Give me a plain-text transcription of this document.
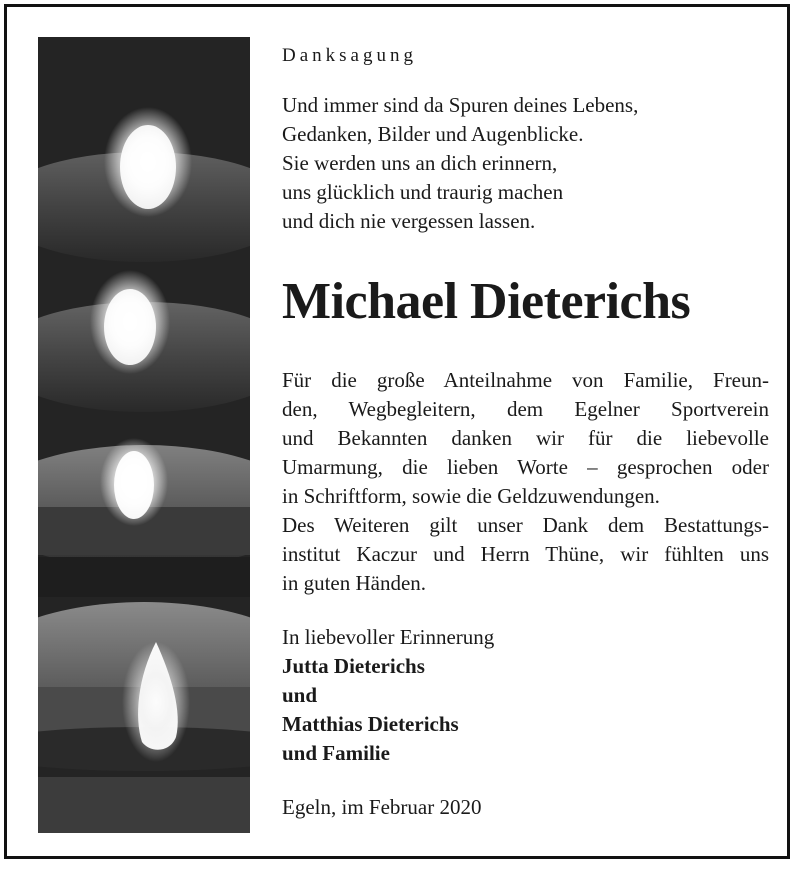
Danksagung
Und immer sind da Spuren deines Lebens,
Gedanken, Bilder und Augenblicke.
Sie werden uns an dich erinnern,
uns glücklich und traurig machen
und dich nie vergessen lassen.
Michael Dieterichs
Für die große Anteilnahme von Familie, Freun-
den, Wegbegleitern, dem Egelner Sportverein
und Bekannten danken wir für die liebevolle
Umarmung, die lieben Worte – gesprochen oder
in Schriftform, sowie die Geldzuwendungen.
Des Weiteren gilt unser Dank dem Bestattungs-
institut Kaczur und Herrn Thüne, wir fühlten uns
in guten Händen.
In liebevoller Erinnerung
Jutta Dieterichs
und
Matthias Dieterichs
und Familie
Egeln, im Februar 2020
